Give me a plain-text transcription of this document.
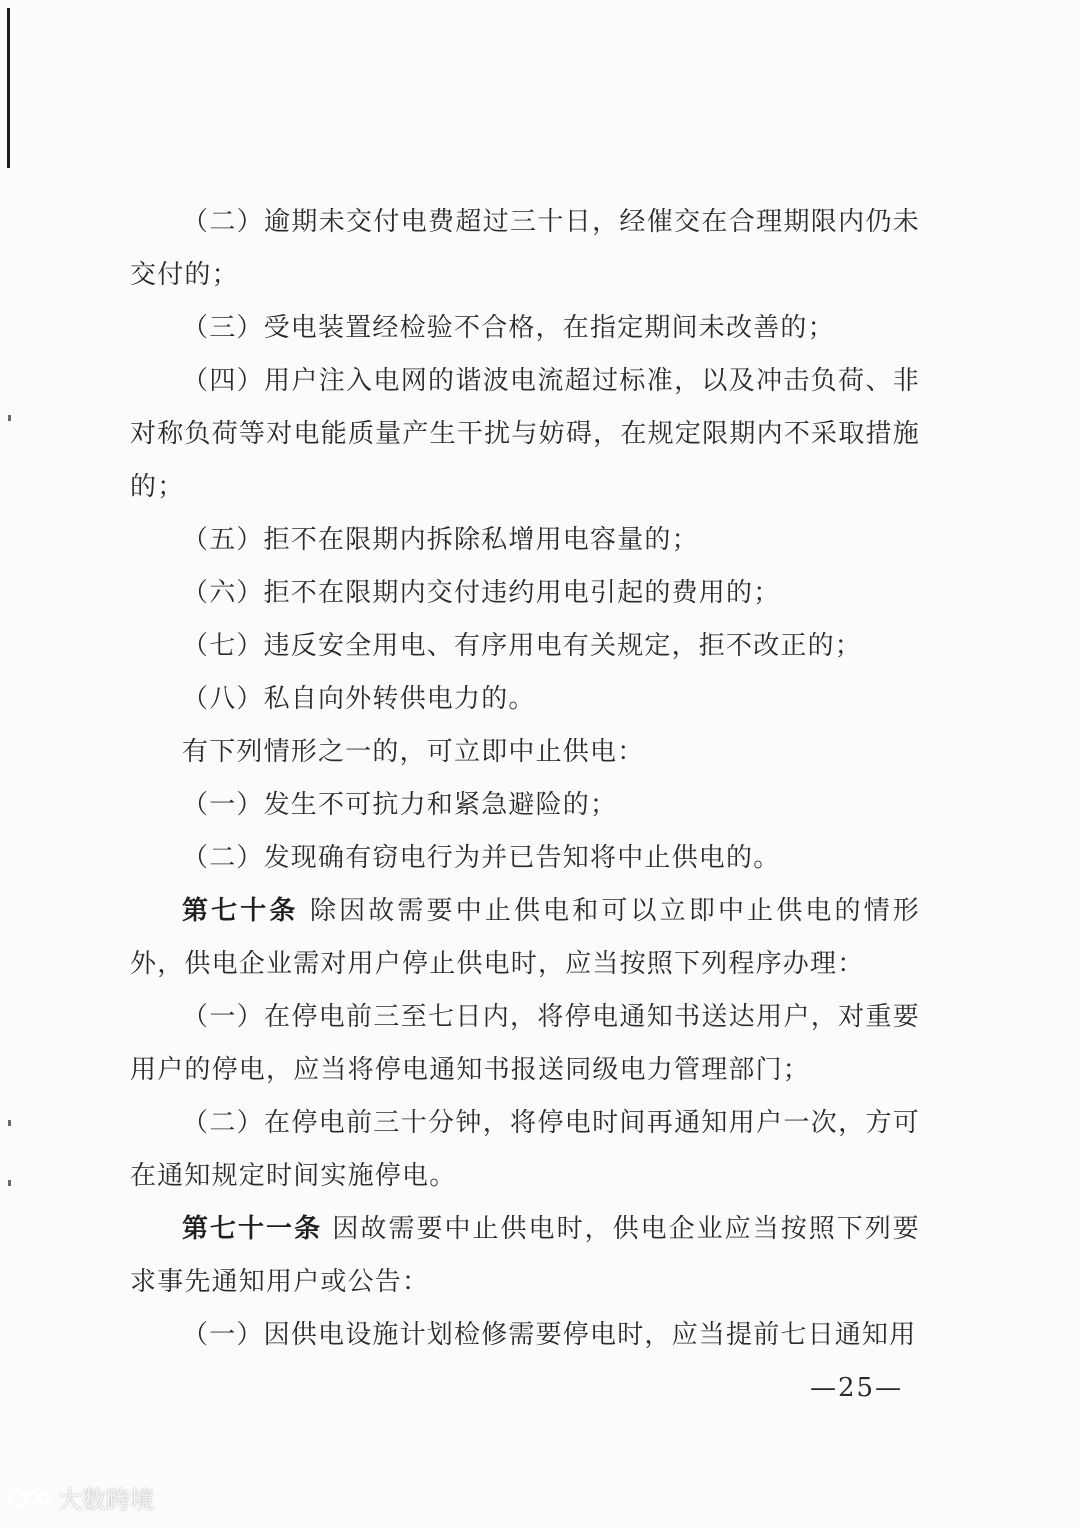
（二）逾期未交付电费超过三十日，经催交在合理期限内仍未交付的；

（三）受电装置经检验不合格，在指定期间未改善的；

（四）用户注入电网的谐波电流超过标准，以及冲击负荷、非对称负荷等对电能质量产生干扰与妨碍，在规定限期内不采取措施的；

（五）拒不在限期内拆除私增用电容量的；

（六）拒不在限期内交付违约用电引起的费用的；

（七）违反安全用电、有序用电有关规定，拒不改正的；

（八）私自向外转供电力的。

有下列情形之一的，可立即中止供电：

（一）发生不可抗力和紧急避险的；

（二）发现确有窃电行为并已告知将中止供电的。

第七十条 除因故需要中止供电和可以立即中止供电的情形外，供电企业需对用户停止供电时，应当按照下列程序办理：

（一）在停电前三至七日内，将停电通知书送达用户，对重要用户的停电，应当将停电通知书报送同级电力管理部门；

（二）在停电前三十分钟，将停电时间再通知用户一次，方可在通知规定时间实施停电。

第七十一条 因故需要中止供电时，供电企业应当按照下列要求事先通知用户或公告：

（一）因供电设施计划检修需要停电时，应当提前七日通知用

—25—
大数跨境
